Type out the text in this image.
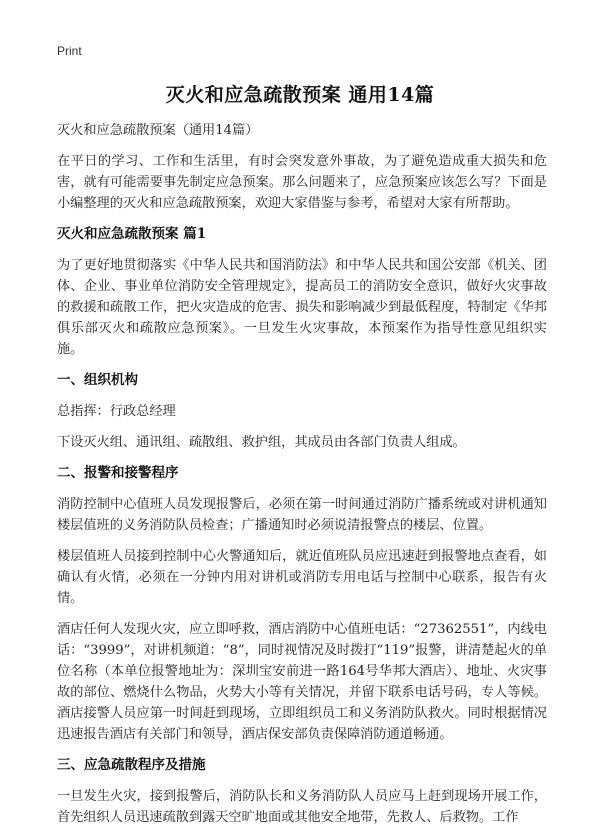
Print
灭火和应急疏散预案 通用14篇

灭火和应急疏散预案（通用14篇）

在平日的学习、工作和生活里，有时会突发意外事故，为了避免造成重大损失和危害，就有可能需要事先制定应急预案。那么问题来了，应急预案应该怎么写？下面是小编整理的灭火和应急疏散预案，欢迎大家借鉴与参考，希望对大家有所帮助。

灭火和应急疏散预案 篇1

为了更好地贯彻落实《中华人民共和国消防法》和中华人民共和国公安部《机关、团体、企业、事业单位消防安全管理规定》，提高员工的消防安全意识，做好火灾事故的救援和疏散工作，把火灾造成的危害、损失和影响减少到最低程度，特制定《华邦俱乐部灭火和疏散应急预案》。一旦发生火灾事故，本预案作为指导性意见组织实施。

一、组织机构

总指挥：行政总经理

下设灭火组、通讯组、疏散组、救护组，其成员由各部门负责人组成。

二、报警和接警程序

消防控制中心值班人员发现报警后，必须在第一时间通过消防广播系统或对讲机通知楼层值班的义务消防队员检查；广播通知时必须说清报警点的楼层、位置。

楼层值班人员接到控制中心火警通知后，就近值班队员应迅速赶到报警地点查看，如确认有火情，必须在一分钟内用对讲机或消防专用电话与控制中心联系，报告有火情。

酒店任何人发现火灾，应立即呼救，酒店消防中心值班电话：“27362551”，内线电话：“3999”，对讲机频道：“8”，同时视情况及时拨打“119”报警，讲清楚起火的单位名称（本单位报警地址为：深圳宝安前进一路164号华邦大酒店）、地址、火灾事故的部位、燃烧什么物品，火势大小等有关情况，并留下联系电话号码，专人等候。酒店接警人员应第一时间赶到现场，立即组织员工和义务消防队救火。同时根据情况迅速报告酒店有关部门和领导，酒店保安部负责保障消防通道畅通。

三、应急疏散程序及措施

一旦发生火灾，接到报警后，消防队长和义务消防队人员应马上赶到现场开展工作，首先组织人员迅速疏散到露天空旷地面或其他安全地带，先救人、后救物。工作
